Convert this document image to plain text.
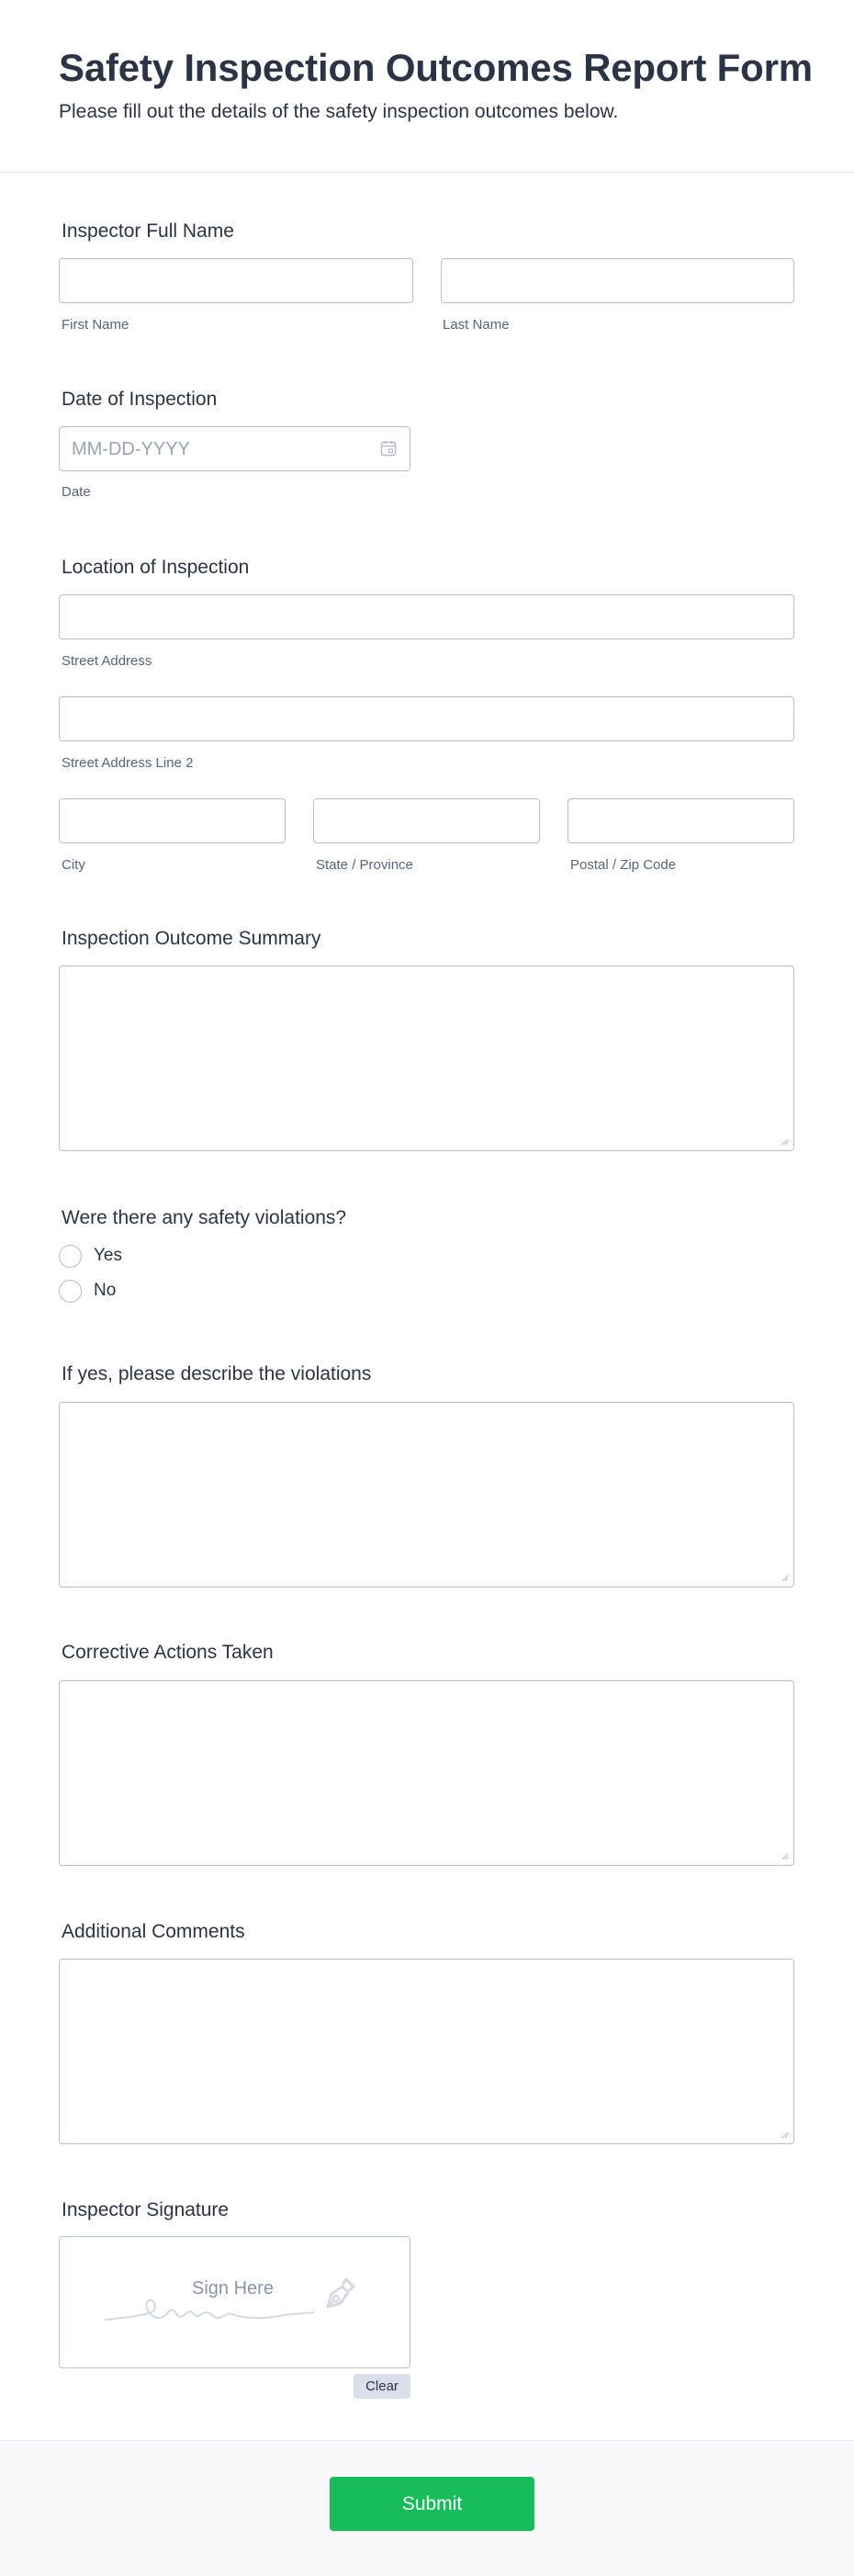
Safety Inspection Outcomes Report Form
Please fill out the details of the safety inspection outcomes below.
Inspector Full Name
First Name	Last Name
Date of Inspection
MM-DD-YYYY
Date
Location of Inspection
Street Address
Street Address Line 2
City	State / Province	Postal / Zip Code
Inspection Outcome Summary
Were there any safety violations?
Yes
No
If yes, please describe the violations
Corrective Actions Taken
Additional Comments
Inspector Signature
Sign Here
Clear
Submit
